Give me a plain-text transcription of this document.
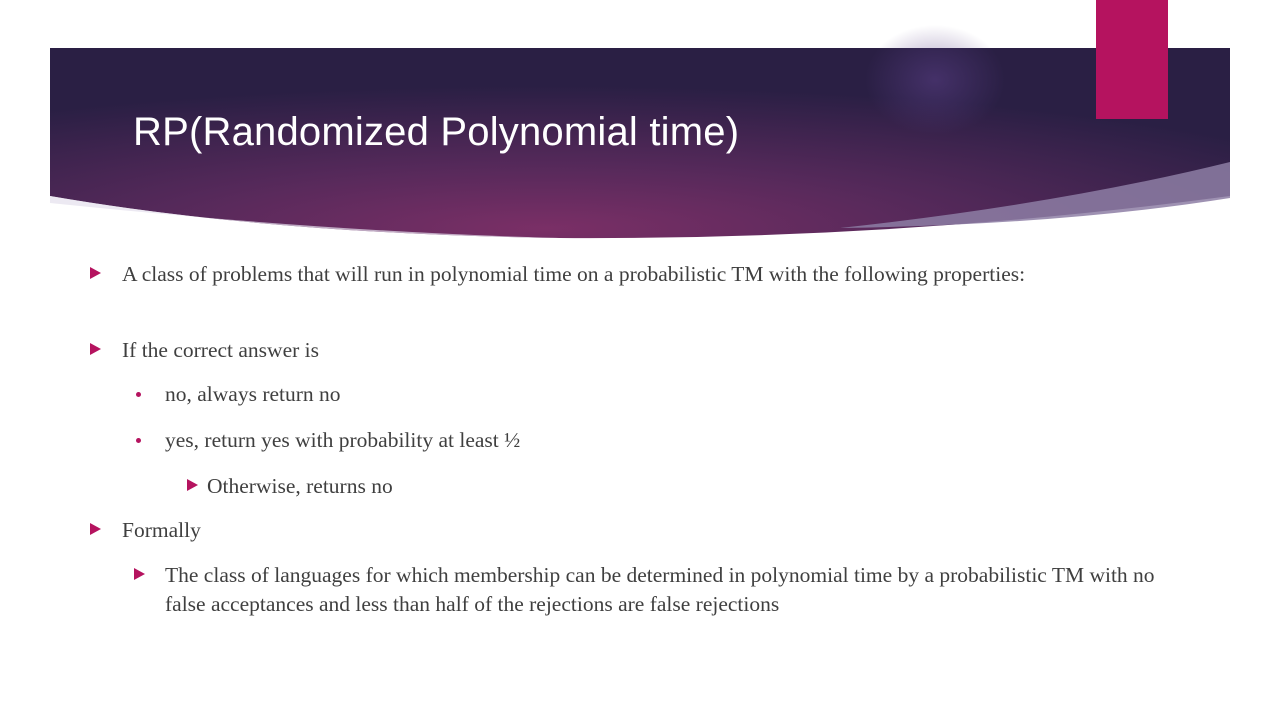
RP(Randomized Polynomial time)
A class of problems that will run in polynomial time on a probabilistic TM with the following properties:
If the correct answer is
no, always return no
yes, return yes with probability at least ½
Otherwise, returns no
Formally
The class of languages for which membership can be determined in polynomial time by a probabilistic TM with no false acceptances and less than half of the rejections are false rejections
